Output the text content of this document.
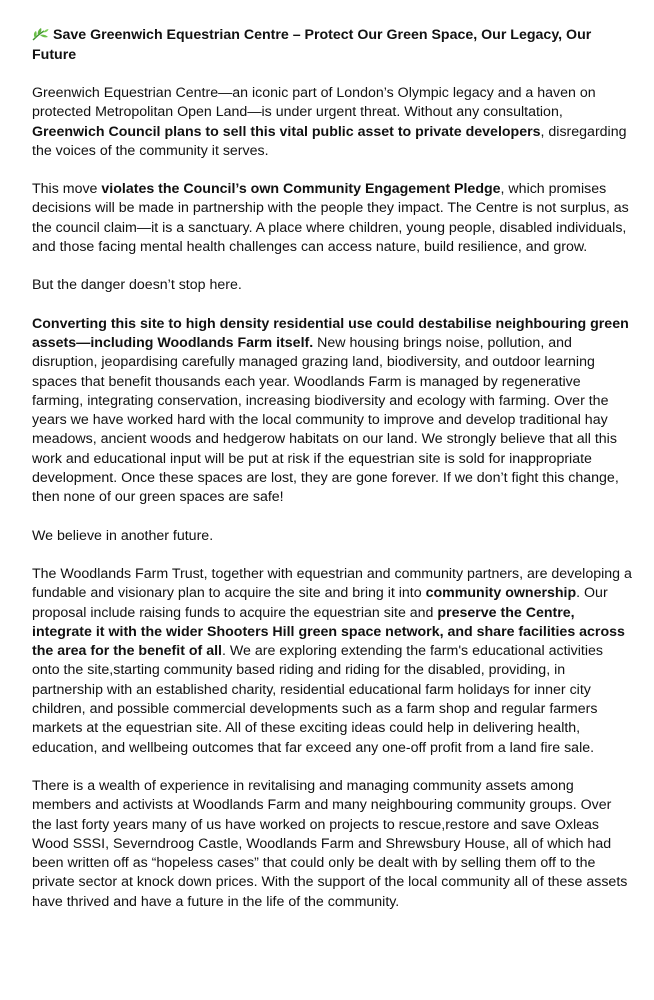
Save Greenwich Equestrian Centre – Protect Our Green Space, Our Legacy, Our Future

Greenwich Equestrian Centre—an iconic part of London’s Olympic legacy and a haven on protected Metropolitan Open Land—is under urgent threat. Without any consultation, Greenwich Council plans to sell this vital public asset to private developers, disregarding the voices of the community it serves.

This move violates the Council’s own Community Engagement Pledge, which promises decisions will be made in partnership with the people they impact. The Centre is not surplus, as the council claim—it is a sanctuary. A place where children, young people, disabled individuals, and those facing mental health challenges can access nature, build resilience, and grow.

But the danger doesn’t stop here.

Converting this site to high density residential use could destabilise neighbouring green assets—including Woodlands Farm itself. New housing brings noise, pollution, and disruption, jeopardising carefully managed grazing land, biodiversity, and outdoor learning spaces that benefit thousands each year. Woodlands Farm is managed by regenerative farming, integrating conservation, increasing biodiversity and ecology with farming. Over the years we have worked hard with the local community to improve and develop traditional hay meadows, ancient woods and hedgerow habitats on our land. We strongly believe that all this work and educational input will be put at risk if the equestrian site is sold for inappropriate development. Once these spaces are lost, they are gone forever. If we don’t fight this change, then none of our green spaces are safe!

We believe in another future.

The Woodlands Farm Trust, together with equestrian and community partners, are developing a fundable and visionary plan to acquire the site and bring it into community ownership. Our proposal include raising funds to acquire the equestrian site and preserve the Centre, integrate it with the wider Shooters Hill green space network, and share facilities across the area for the benefit of all. We are exploring extending the farm's educational activities onto the site,starting community based riding and riding for the disabled, providing, in partnership with an established charity, residential educational farm holidays for inner city children, and possible commercial developments such as a farm shop and regular farmers markets at the equestrian site. All of these exciting ideas could help in delivering health, education, and wellbeing outcomes that far exceed any one-off profit from a land fire sale.

There is a wealth of experience in revitalising and managing community assets among members and activists at Woodlands Farm and many neighbouring community groups. Over the last forty years many of us have worked on projects to rescue,restore and save Oxleas Wood SSSI, Severndroog Castle, Woodlands Farm and Shrewsbury House, all of which had been written off as “hopeless cases” that could only be dealt with by selling them off to the private sector at knock down prices. With the support of the local community all of these assets have thrived and have a future in the life of the community.
